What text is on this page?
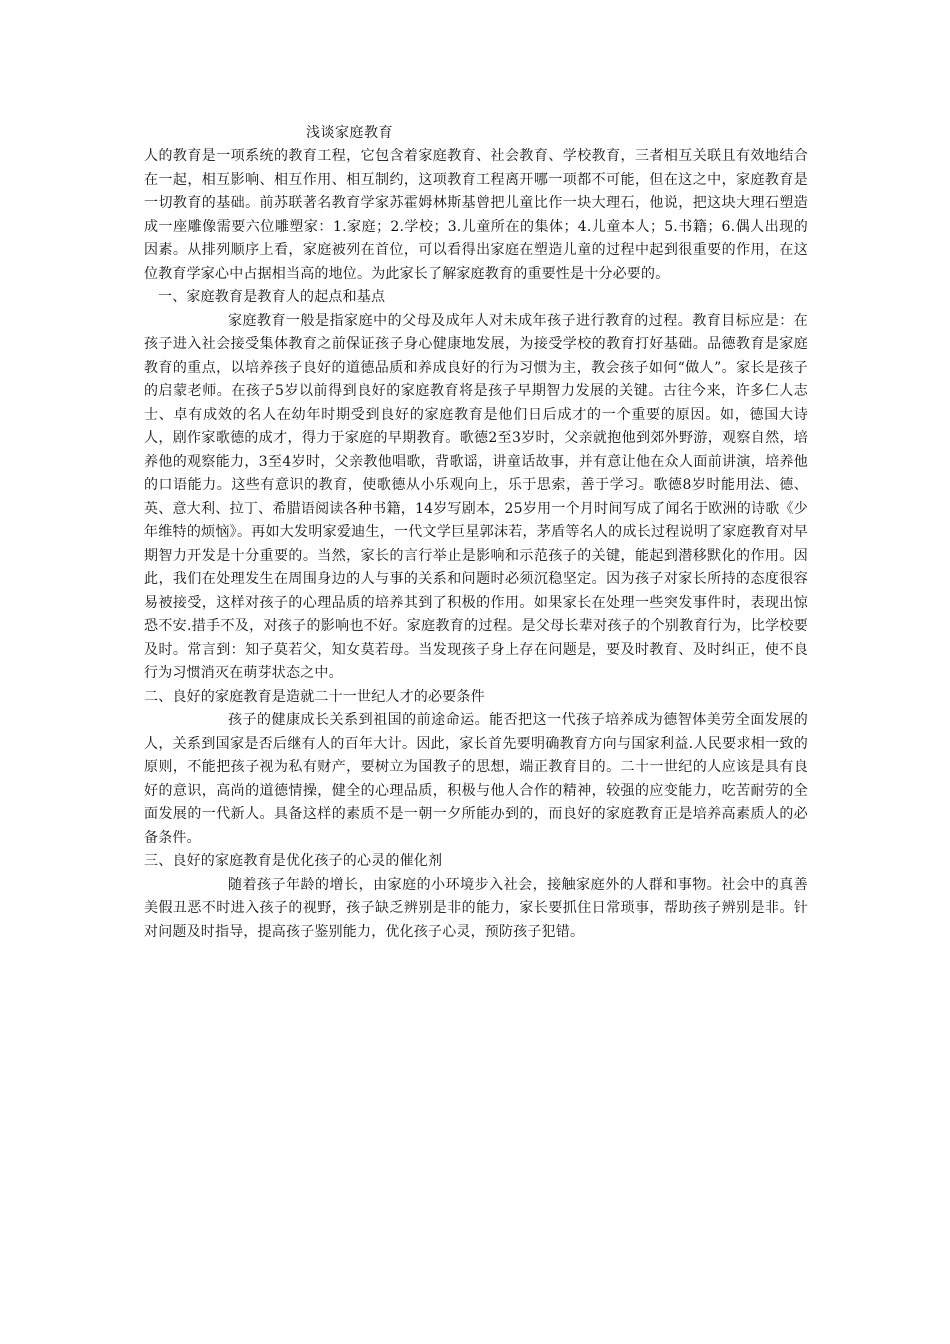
浅谈家庭教育

人的教育是一项系统的教育工程，它包含着家庭教育、社会教育、学校教育，三者相互关联且有效地结合在一起，相互影响、相互作用、相互制约，这项教育工程离开哪一项都不可能，但在这之中，家庭教育是一切教育的基础。前苏联著名教育学家苏霍姆林斯基曾把儿童比作一块大理石，他说，把这块大理石塑造成一座雕像需要六位雕塑家：1.家庭；2.学校；3.儿童所在的集体；4.儿童本人；5.书籍；6.偶人出现的因素。从排列顺序上看，家庭被列在首位，可以看得出家庭在塑造儿童的过程中起到很重要的作用，在这位教育学家心中占据相当高的地位。为此家长了解家庭教育的重要性是十分必要的。

一、家庭教育是教育人的起点和基点

家庭教育一般是指家庭中的父母及成年人对未成年孩子进行教育的过程。教育目标应是：在孩子进入社会接受集体教育之前保证孩子身心健康地发展，为接受学校的教育打好基础。品德教育是家庭教育的重点，以培养孩子良好的道德品质和养成良好的行为习惯为主，教会孩子如何“做人”。家长是孩子的启蒙老师。在孩子5岁以前得到良好的家庭教育将是孩子早期智力发展的关键。古往今来，许多仁人志士、卓有成效的名人在幼年时期受到良好的家庭教育是他们日后成才的一个重要的原因。如，德国大诗人，剧作家歌德的成才，得力于家庭的早期教育。歌德2至3岁时，父亲就抱他到郊外野游，观察自然，培养他的观察能力，3至4岁时，父亲教他唱歌，背歌谣，讲童话故事，并有意让他在众人面前讲演，培养他的口语能力。这些有意识的教育，使歌德从小乐观向上，乐于思索，善于学习。歌德8岁时能用法、德、英、意大利、拉丁、希腊语阅读各种书籍，14岁写剧本，25岁用一个月时间写成了闻名于欧洲的诗歌《少年维特的烦恼》。再如大发明家爱迪生，一代文学巨星郭沫若，茅盾等名人的成长过程说明了家庭教育对早期智力开发是十分重要的。当然，家长的言行举止是影响和示范孩子的关键，能起到潜移默化的作用。因此，我们在处理发生在周围身边的人与事的关系和问题时必须沉稳坚定。因为孩子对家长所持的态度很容易被接受，这样对孩子的心理品质的培养其到了积极的作用。如果家长在处理一些突发事件时，表现出惊恐不安.措手不及，对孩子的影响也不好。家庭教育的过程。是父母长辈对孩子的个别教育行为，比学校要及时。常言到：知子莫若父，知女莫若母。当发现孩子身上存在问题是，要及时教育、及时纠正，使不良行为习惯消灭在萌芽状态之中。

二、良好的家庭教育是造就二十一世纪人才的必要条件

孩子的健康成长关系到祖国的前途命运。能否把这一代孩子培养成为德智体美劳全面发展的人，关系到国家是否后继有人的百年大计。因此，家长首先要明确教育方向与国家利益.人民要求相一致的原则，不能把孩子视为私有财产，要树立为国教子的思想，端正教育目的。二十一世纪的人应该是具有良好的意识，高尚的道德情操，健全的心理品质，积极与他人合作的精神，较强的应变能力，吃苦耐劳的全面发展的一代新人。具备这样的素质不是一朝一夕所能办到的，而良好的家庭教育正是培养高素质人的必备条件。

三、良好的家庭教育是优化孩子的心灵的催化剂

随着孩子年龄的增长，由家庭的小环境步入社会，接触家庭外的人群和事物。社会中的真善美假丑恶不时进入孩子的视野，孩子缺乏辨别是非的能力，家长要抓住日常琐事，帮助孩子辨别是非。针对问题及时指导，提高孩子鉴别能力，优化孩子心灵，预防孩子犯错。
